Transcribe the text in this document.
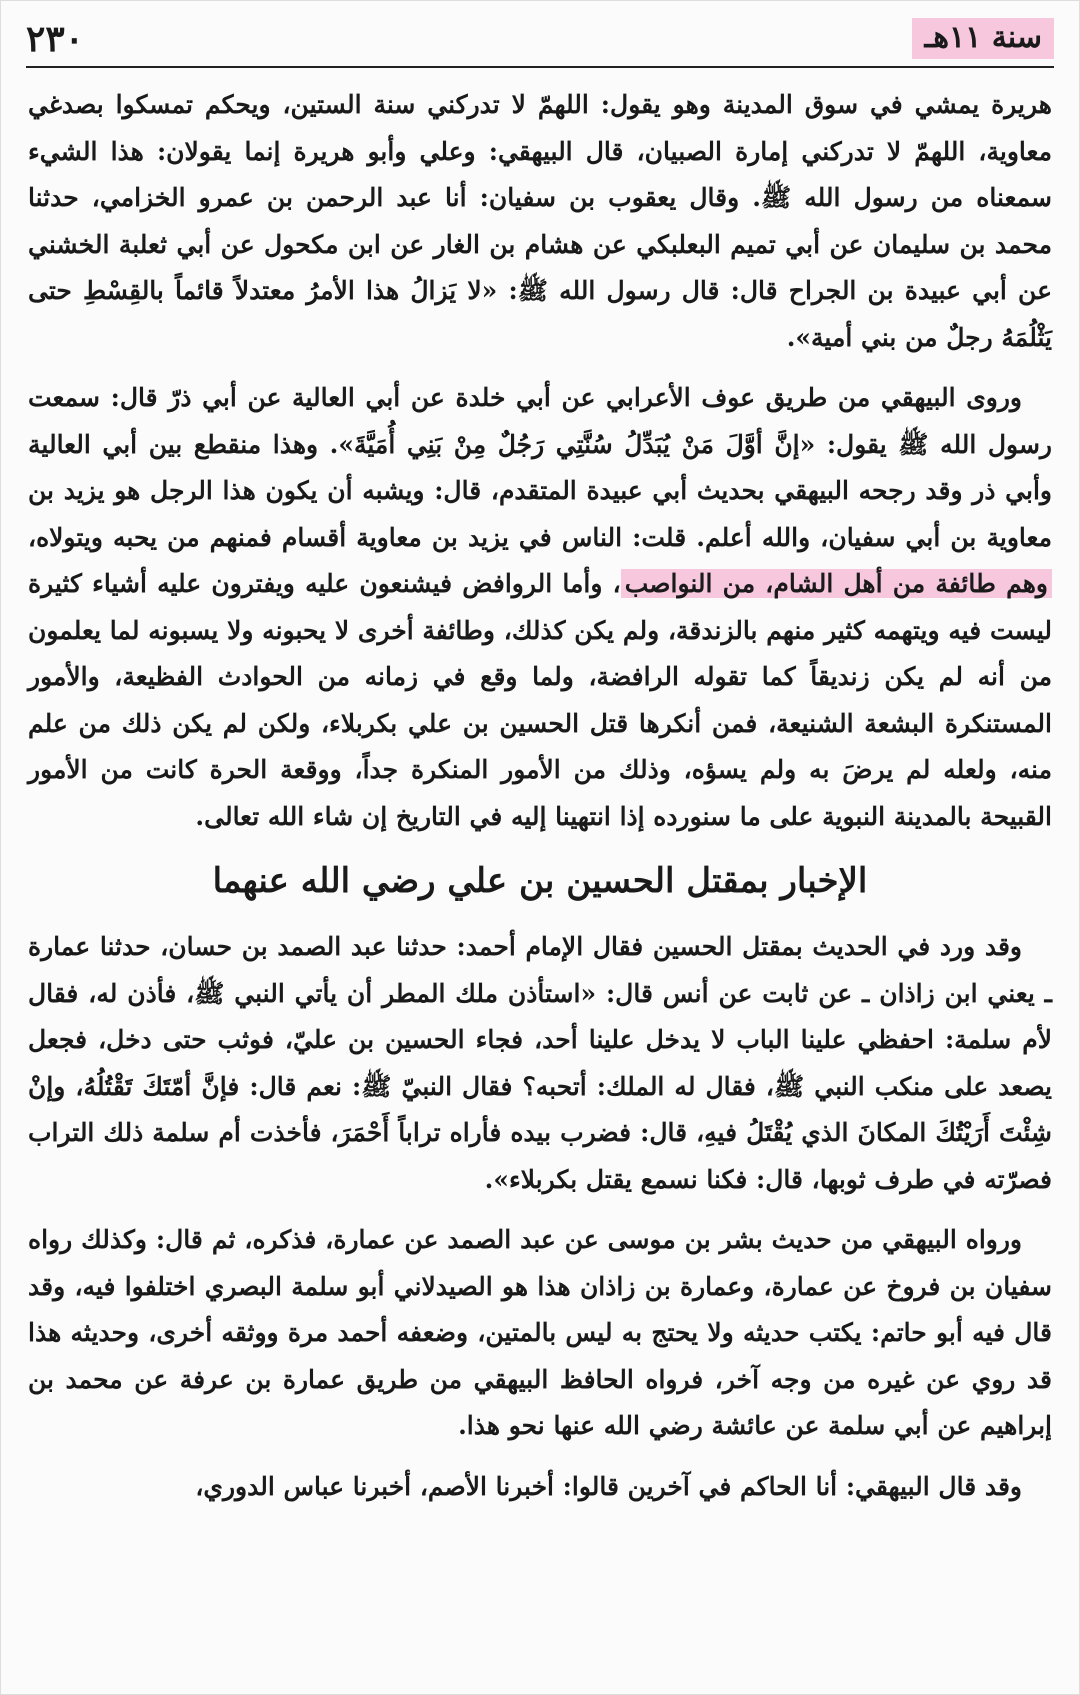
٢٣٠	سنة ١١هـ

هريرة يمشي في سوق المدينة وهو يقول: اللهمّ لا تدركني سنة الستين، ويحكم تمسكوا بصدغي معاوية، اللهمّ لا تدركني إمارة الصبيان، قال البيهقي: وعلي وأبو هريرة إنما يقولان: هذا الشيء سمعناه من رسول الله ﷺ. وقال يعقوب بن سفيان: أنا عبد الرحمن بن عمرو الخزامي، حدثنا محمد بن سليمان عن أبي تميم البعلبكي عن هشام بن الغار عن ابن مكحول عن أبي ثعلبة الخشني عن أبي عبيدة بن الجراح قال: قال رسول الله ﷺ: «لا يَزالُ هذا الأمرُ معتدلاً قائماً بالقِسْطِ حتى يَثْلُمَهُ رجلٌ من بني أمية».

وروى البيهقي من طريق عوف الأعرابي عن أبي خلدة عن أبي العالية عن أبي ذرّ قال: سمعت رسول الله ﷺ يقول: «إنَّ أوَّلَ مَنْ يُبَدِّلُ سُنَّتِي رَجُلٌ مِنْ بَنِي أُمَيَّةَ». وهذا منقطع بين أبي العالية وأبي ذر وقد رجحه البيهقي بحديث أبي عبيدة المتقدم، قال: ويشبه أن يكون هذا الرجل هو يزيد بن معاوية بن أبي سفيان، والله أعلم. قلت: الناس في يزيد بن معاوية أقسام فمنهم من يحبه ويتولاه، وهم طائفة من أهل الشام، من النواصب، وأما الروافض فيشنعون عليه ويفترون عليه أشياء كثيرة ليست فيه ويتهمه كثير منهم بالزندقة، ولم يكن كذلك، وطائفة أخرى لا يحبونه ولا يسبونه لما يعلمون من أنه لم يكن زنديقاً كما تقوله الرافضة، ولما وقع في زمانه من الحوادث الفظيعة، والأمور المستنكرة البشعة الشنيعة، فمن أنكرها قتل الحسين بن علي بكربلاء، ولكن لم يكن ذلك من علم منه، ولعله لم يرضَ به ولم يسؤه، وذلك من الأمور المنكرة جداً، ووقعة الحرة كانت من الأمور القبيحة بالمدينة النبوية على ما سنورده إذا انتهينا إليه في التاريخ إن شاء الله تعالى.

الإخبار بمقتل الحسين بن علي رضي الله عنهما

وقد ورد في الحديث بمقتل الحسين فقال الإمام أحمد: حدثنا عبد الصمد بن حسان، حدثنا عمارة ـ يعني ابن زاذان ـ عن ثابت عن أنس قال: «استأذن ملك المطر أن يأتي النبي ﷺ، فأذن له، فقال لأم سلمة: احفظي علينا الباب لا يدخل علينا أحد، فجاء الحسين بن عليّ، فوثب حتى دخل، فجعل يصعد على منكب النبي ﷺ، فقال له الملك: أتحبه؟ فقال النبيّ ﷺ: نعم قال: فإنَّ أمّتَكَ تَقْتُلُهُ، وإنْ شِئْتَ أَرَيْتُكَ المكانَ الذي يُقْتَلُ فيهِ، قال: فضرب بيده فأراه تراباً أَحْمَرَ، فأخذت أم سلمة ذلك التراب فصرّته في طرف ثوبها، قال: فكنا نسمع يقتل بكربلاء».

ورواه البيهقي من حديث بشر بن موسى عن عبد الصمد عن عمارة، فذكره، ثم قال: وكذلك رواه سفيان بن فروخ عن عمارة، وعمارة بن زاذان هذا هو الصيدلاني أبو سلمة البصري اختلفوا فيه، وقد قال فيه أبو حاتم: يكتب حديثه ولا يحتج به ليس بالمتين، وضعفه أحمد مرة ووثقه أخرى، وحديثه هذا قد روي عن غيره من وجه آخر، فرواه الحافظ البيهقي من طريق عمارة بن عرفة عن محمد بن إبراهيم عن أبي سلمة عن عائشة رضي الله عنها نحو هذا.

وقد قال البيهقي: أنا الحاكم في آخرين قالوا: أخبرنا الأصم، أخبرنا عباس الدوري،
